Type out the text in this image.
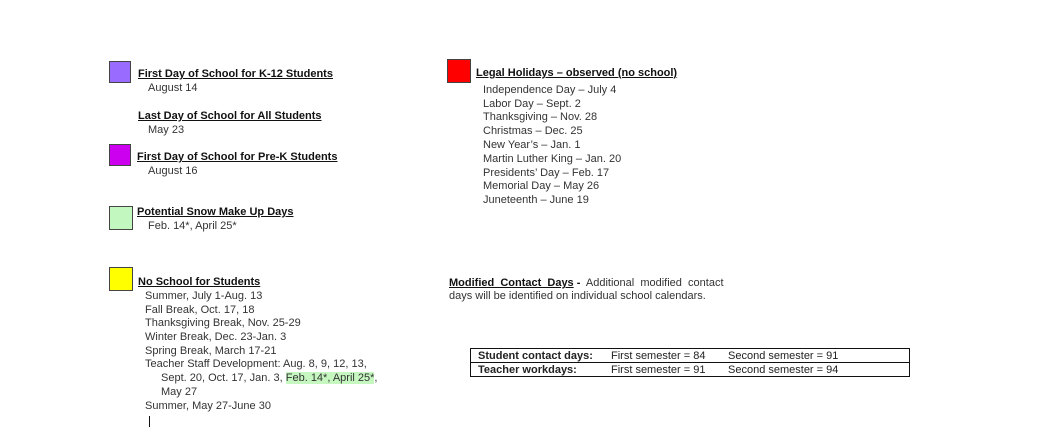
First Day of School for K-12 Students
August 14
Last Day of School for All Students
May 23
First Day of School for Pre-K Students
August 16
Potential Snow Make Up Days
Feb. 14*, April 25*
No School for Students
Summer, July 1-Aug. 13
Fall Break, Oct. 17, 18
Thanksgiving Break, Nov. 25-29
Winter Break, Dec. 23-Jan. 3
Spring Break, March 17-21
Teacher Staff Development: Aug. 8, 9, 12, 13,
Sept. 20, Oct. 17, Jan. 3, Feb. 14*, April 25*,
May 27
Summer, May 27-June 30
Legal Holidays – observed (no school)
Independence Day – July 4
Labor Day – Sept. 2
Thanksgiving – Nov. 28
Christmas – Dec. 25
New Year’s – Jan. 1
Martin Luther King – Jan. 20
Presidents’ Day – Feb. 17
Memorial Day – May 26
Juneteenth – June 19
Modified  Contact  Days -  Additional  modified  contact
days will be identified on individual school calendars.
Student contact days: First semester = 84 Second semester = 91
Teacher workdays:	First semester = 91 Second semester = 94
